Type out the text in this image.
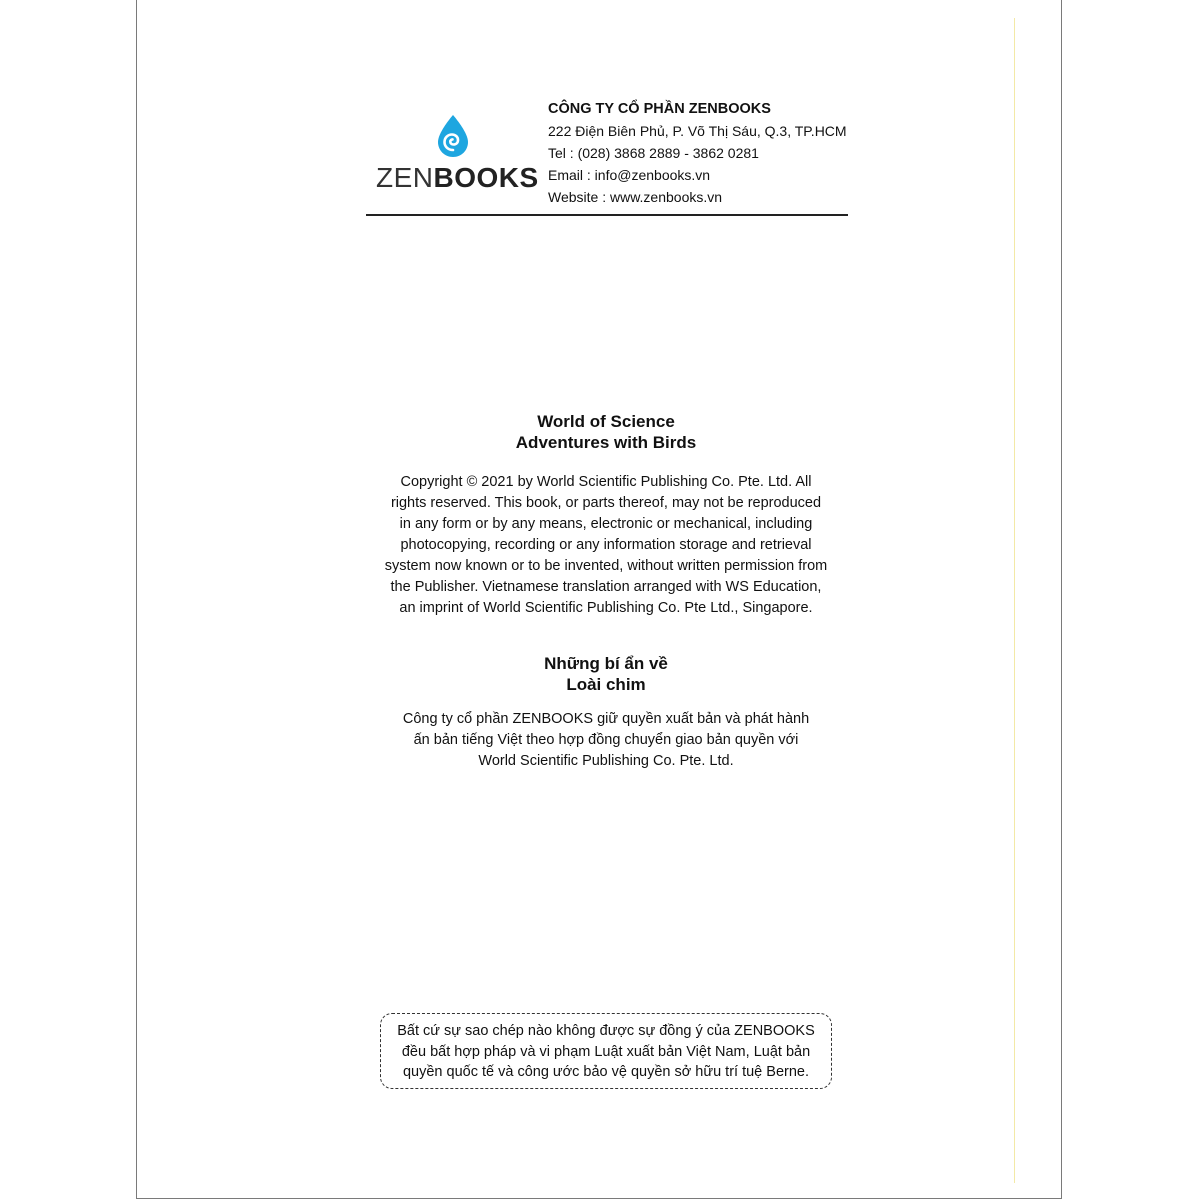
ZENBOOKS
CÔNG TY CỔ PHẦN ZENBOOKS
222 Điện Biên Phủ, P. Võ Thị Sáu, Q.3, TP.HCM
Tel : (028) 3868 2889 - 3862 0281
Email : info@zenbooks.vn
Website : www.zenbooks.vn
World of Science
Adventures with Birds
Copyright © 2021 by World Scientific Publishing Co. Pte. Ltd. All
rights reserved. This book, or parts thereof, may not be reproduced
in any form or by any means, electronic or mechanical, including
photocopying, recording or any information storage and retrieval
system now known or to be invented, without written permission from
the Publisher. Vietnamese translation arranged with WS Education,
an imprint of World Scientific Publishing Co. Pte Ltd., Singapore.
Những bí ẩn về
Loài chim
Công ty cổ phần ZENBOOKS giữ quyền xuất bản và phát hành
ấn bản tiếng Việt theo hợp đồng chuyển giao bản quyền với
World Scientific Publishing Co. Pte. Ltd.
Bất cứ sự sao chép nào không được sự đồng ý của ZENBOOKS
đều bất hợp pháp và vi phạm Luật xuất bản Việt Nam, Luật bản
quyền quốc tế và công ước bảo vệ quyền sở hữu trí tuệ Berne.
